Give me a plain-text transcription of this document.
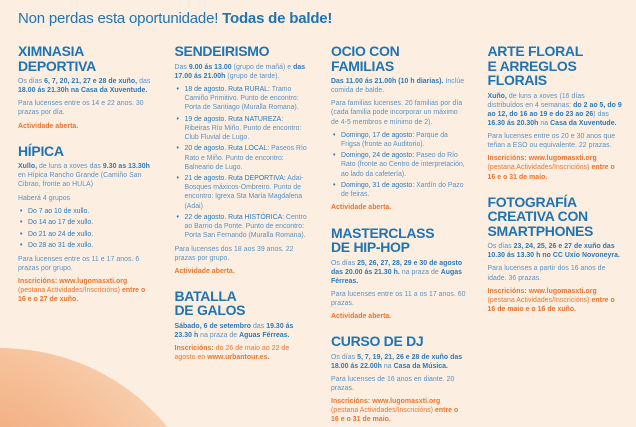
Non perdas esta oportunidade! Todas de balde!
XIMNASIA
DEPORTIVA

Os días 6, 7, 20, 21, 27 e 28 de xuño, das 18.00 ás 21.30h na Casa da Xuventude.

Para lucenses entre os 14 e 22 anos. 30 prazas por día.

Actividade aberta.

HÍPICA

Xullo, de luns a xoves das 9.30 as 13.30h en Hípica Rancho Grande (Camiño San Cibrao, fronte ao HULA)

Haberá 4 grupos

• Do 7 ao 10 de xullo.
• Do 14 ao 17 de xullo.
• Do 21 ao 24 de xullo.
• Do 28 ao 31 de xullo.

Para lucenses entre os 11 e 17 anos. 6 prazas por grupo.

Inscricións: www.lugomasxti.org (pestana Actividades/Inscricións) entre o 16 e o 27 de xuño.

SENDEIRISMO

Das 9.00 ás 13.00 (grupo de mañá) e das 17.00 ás 21.00h (grupo de tarde).

• 18 de agosto. Ruta RURAL: Tramo Camiño Primitivo. Punto de encontro: Porta de Santiago (Muralla Romana).
• 19 de agosto. Ruta NATUREZA: Ribeiras Río Miño. Punto de encontro: Club Fluvial de Lugo.
• 20 de agosto. Ruta LOCAL: Paseos Río Rato e Miño. Punto de encontro: Balneario de Lugo.
• 21 de agosto. Ruta DEPORTIVA: Adai-Bosques máxicos-Ombreiro. Punto de encontro: Igrexa Sta María Magdalena (Adai)
• 22 de agosto. Ruta HISTÓRICA: Centro ao Barrio da Ponte. Punto de encontro: Porta San Fernando (Muralla Romana).

Para lucenses dos 18 aos 39 anos. 22 prazas por grupo.

Actividade aberta.

BATALLA
DE GALOS

Sábado, 6 de setembro das 19.30 ás 23.30 h na praza de Aguas Férreas.

Inscricións: do 26 de maio ao 22 de agosto en www.urbantour.es.

OCIO CON
FAMILIAS

Das 11.00 ás 21.00h (10 h diarias). Inclúe comida de balde.

Para familias lucenses. 20 familias por día (cada familia pode incorporar un máximo de 4-5 membros e mínimo de 2).

• Domingo, 17 de agosto: Parque da Frigsa (fronte ao Auditorio).
• Domingo, 24 de agosto: Paseo do Río Rato (fronte ao Centro de interpretación, ao lado da cafetería).
• Domingo, 31 de agosto: Xardín do Pazo de feiras.

Actividade aberta.

MASTERCLASS
DE HIP-HOP

Os días 25, 26, 27, 28, 29 e 30 de agosto das 20.00 ás 21.30 h. na praza de Augas Férreas.

Para lucenses entre os 11 a os 17 anos. 60 prazas.

Actividade aberta.

CURSO DE DJ

Os días 5, 7, 19, 21, 26 e 28 de xuño das 18.00 ás 22.00h na Casa da Música.

Para lucenses de 16 anos en diante. 20 prazas.

Inscricións: www.lugomasxti.org (pestana Actividades/Inscricións) entre o 16 e o 31 de maio.

ARTE FLORAL
E ARREGLOS
FLORAIS

Xuño, de luns a xoves (16 días distribuídos en 4 semanas: do 2 ao 5, do 9 ao 12, do 16 ao 19 e do 23 ao 26) das 16.30 ás 20.30h na Casa da Xuventude.

Para lucenses entre os 20 e 30 anos que teñan a ESO ou equivalente. 22 prazas.

Inscricións: www.lugomasxti.org (pestana Actividades/Inscricións) entre o 16 e o 31 de maio.

FOTOGRAFÍA
CREATIVA CON
SMARTPHONES

Os días 23, 24, 25, 26 e 27 de xuño das 10.30 ás 13.30 h no CC Uxío Novoneyra.

Para lucenses a partir dos 16 anos de idade. 36 prazas.

Inscricións: www.lugomasxti.org (pestana Actividades/Inscricións) entre o 16 de maio e o 16 de xuño.
